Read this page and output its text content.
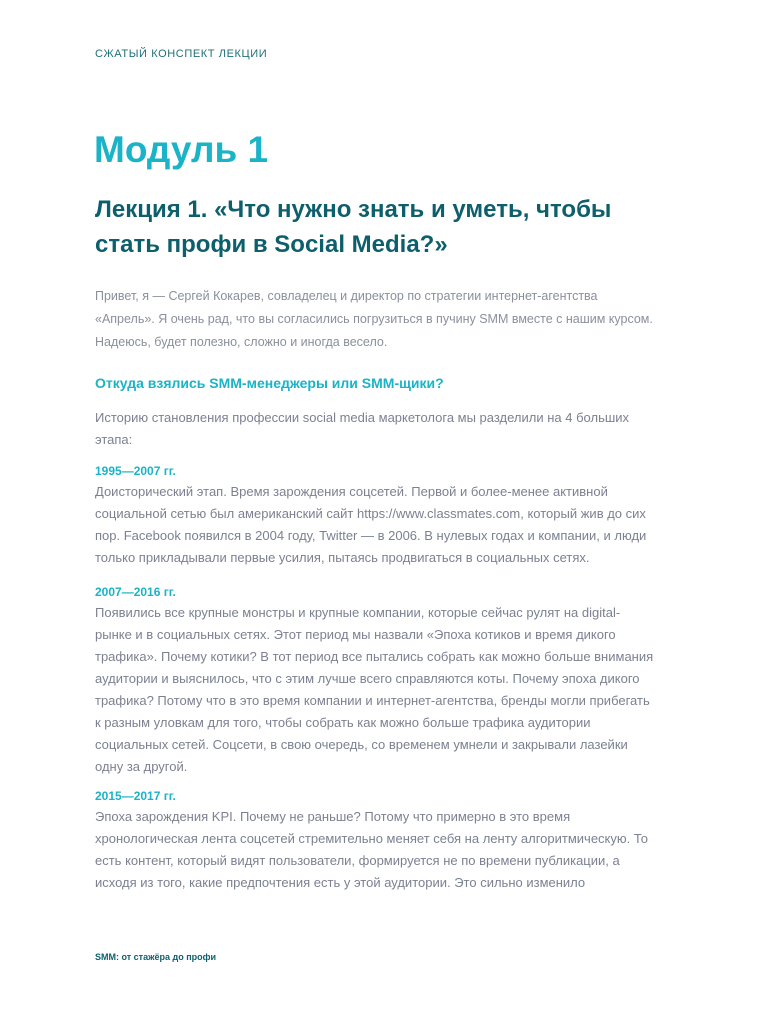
СЖАТЫЙ КОНСПЕКТ ЛЕКЦИИ
Модуль 1
Лекция 1. «Что нужно знать и уметь, чтобы стать профи в Social Media?»

Привет, я — Сергей Кокарев, совладелец и директор по стратегии интернет-агентства «Апрель». Я очень рад, что вы согласились погрузиться в пучину SMM вместе с нашим курсом. Надеюсь, будет полезно, сложно и иногда весело.

Откуда взялись SMM-менеджеры или SMM-щики?

Историю становления профессии social media маркетолога мы разделили на 4 больших этапа:

1995—2007 гг.

Доисторический этап. Время зарождения соцсетей. Первой и более-менее активной социальной сетью был американский сайт https://www.classmates.com, который жив до сих пор. Facebook появился в 2004 году, Twitter — в 2006. В нулевых годах и компании, и люди только прикладывали первые усилия, пытаясь продвигаться в социальных сетях.

2007—2016 гг.

Появились все крупные монстры и крупные компании, которые сейчас рулят на digital-рынке и в социальных сетях. Этот период мы назвали «Эпоха котиков и время дикого трафика». Почему котики? В тот период все пытались собрать как можно больше внимания аудитории и выяснилось, что с этим лучше всего справляются коты. Почему эпоха дикого трафика? Потому что в это время компании и интернет-агентства, бренды могли прибегать к разным уловкам для того, чтобы собрать как можно больше трафика аудитории социальных сетей. Соцсети, в свою очередь, со временем умнели и закрывали лазейки одну за другой.

2015—2017 гг.

Эпоха зарождения KPI. Почему не раньше? Потому что примерно в это время хронологическая лента соцсетей стремительно меняет себя на ленту алгоритмическую. То есть контент, который видят пользователи, формируется не по времени публикации, а исходя из того, какие предпочтения есть у этой аудитории. Это сильно изменило

SMM: от стажёра до профи
